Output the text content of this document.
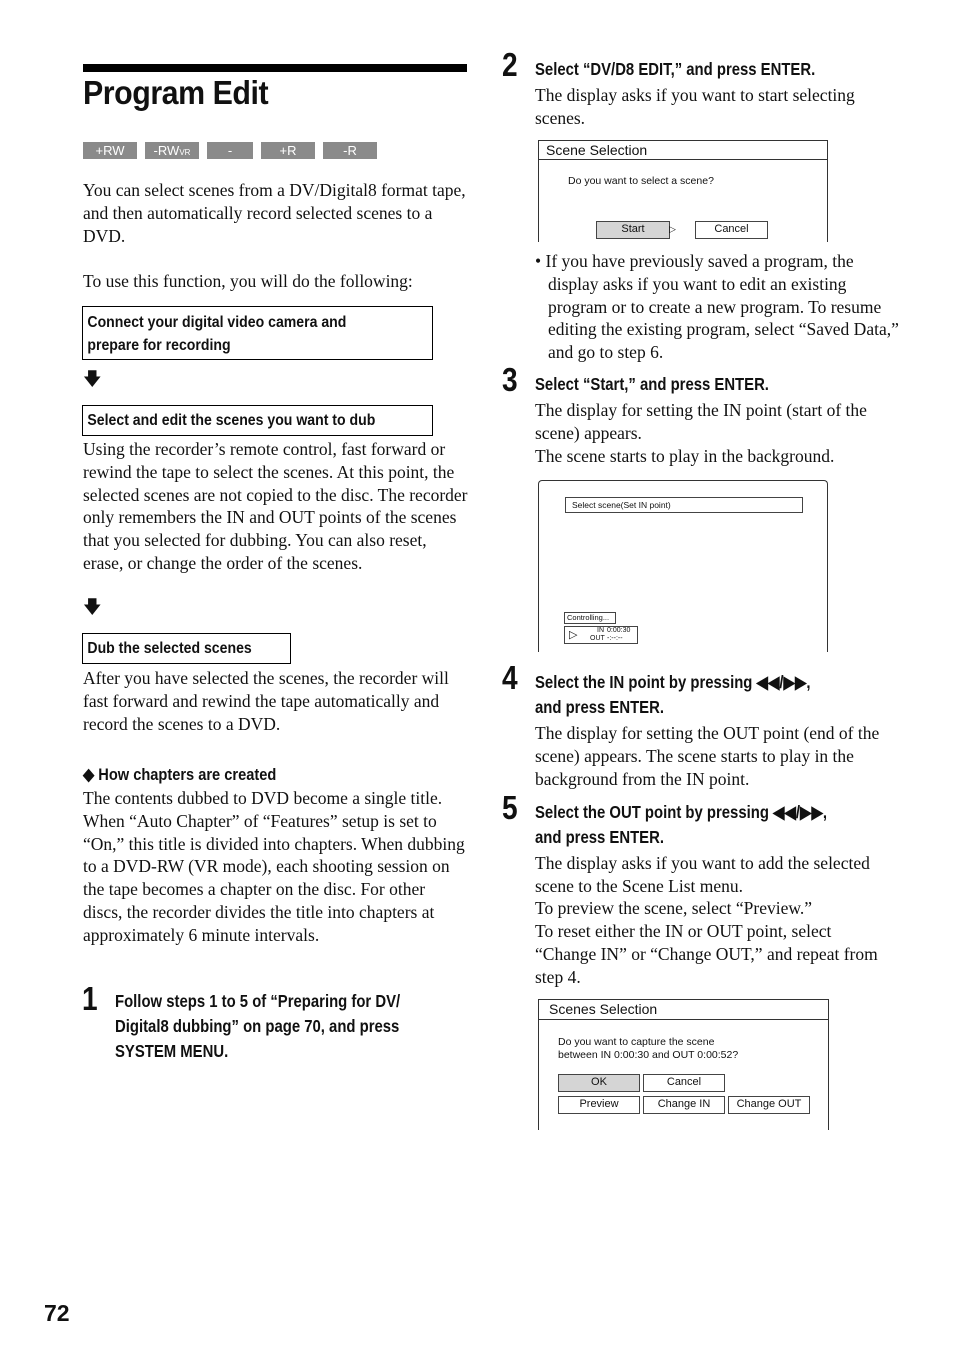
Program Edit
+RW	-RWVR	-RWVideo
+R	-R
You can select scenes from a DV/Digital8 format tape, and then automatically record selected scenes to a DVD.
To use this function, you will do the following:
Connect your digital video camera and
prepare for recording
🡇
Select and edit the scenes you want to dub
Using the recorder’s remote control, fast forward or rewind the tape to select the scenes. At this point, the selected scenes are not copied to the disc. The recorder only remembers the IN and OUT points of the scenes that you selected for dubbing. You can also reset, erase, or change the order of the scenes.
🡇
Dub the selected scenes
After you have selected the scenes, the recorder will fast forward and rewind the tape automatically and record the scenes to a DVD.
◆ How chapters are created
The contents dubbed to DVD become a single title. When “Auto Chapter” of “Features” setup is set to “On,” this title is divided into chapters. When dubbing to a DVD-RW (VR mode), each shooting session on the tape becomes a chapter on the disc. For other discs, the recorder divides the title into chapters at approximately 6 minute intervals.
1 Follow steps 1 to 5 of “Preparing for DV/
Digital8 dubbing” on page 70, and press
SYSTEM MENU.
2 Select “DV/D8 EDIT,” and press ENTER.
The display asks if you want to start selecting scenes.
Scene Selection
Do you want to select a scene?
Start	▷	Cancel
• If you have previously saved a program, the display asks if you want to edit an existing program or to create a new program. To resume editing the existing program, select “Saved Data,” and go to step 6.
3 Select “Start,” and press ENTER.
The display for setting the IN point (start of the scene) appears.
The scene starts to play in the background.
Select scene(Set IN point)
Controlling...
▷	IN 0:00:30
OUT -:--:--
4 Select the IN point by pressing ◀◀/▶▶,
and press ENTER.
The display for setting the OUT point (end of the scene) appears. The scene starts to play in the background from the IN point.
5 Select the OUT point by pressing ◀◀/▶▶,
and press ENTER.
The display asks if you want to add the selected scene to the Scene List menu.
To preview the scene, select “Preview.”
To reset either the IN or OUT point, select “Change IN” or “Change OUT,” and repeat from step 4.
Scenes Selection
Do you want to capture the scene
between IN 0:00:30 and OUT 0:00:52?
OK	Cancel
Preview	Change IN	Change OUT
72
